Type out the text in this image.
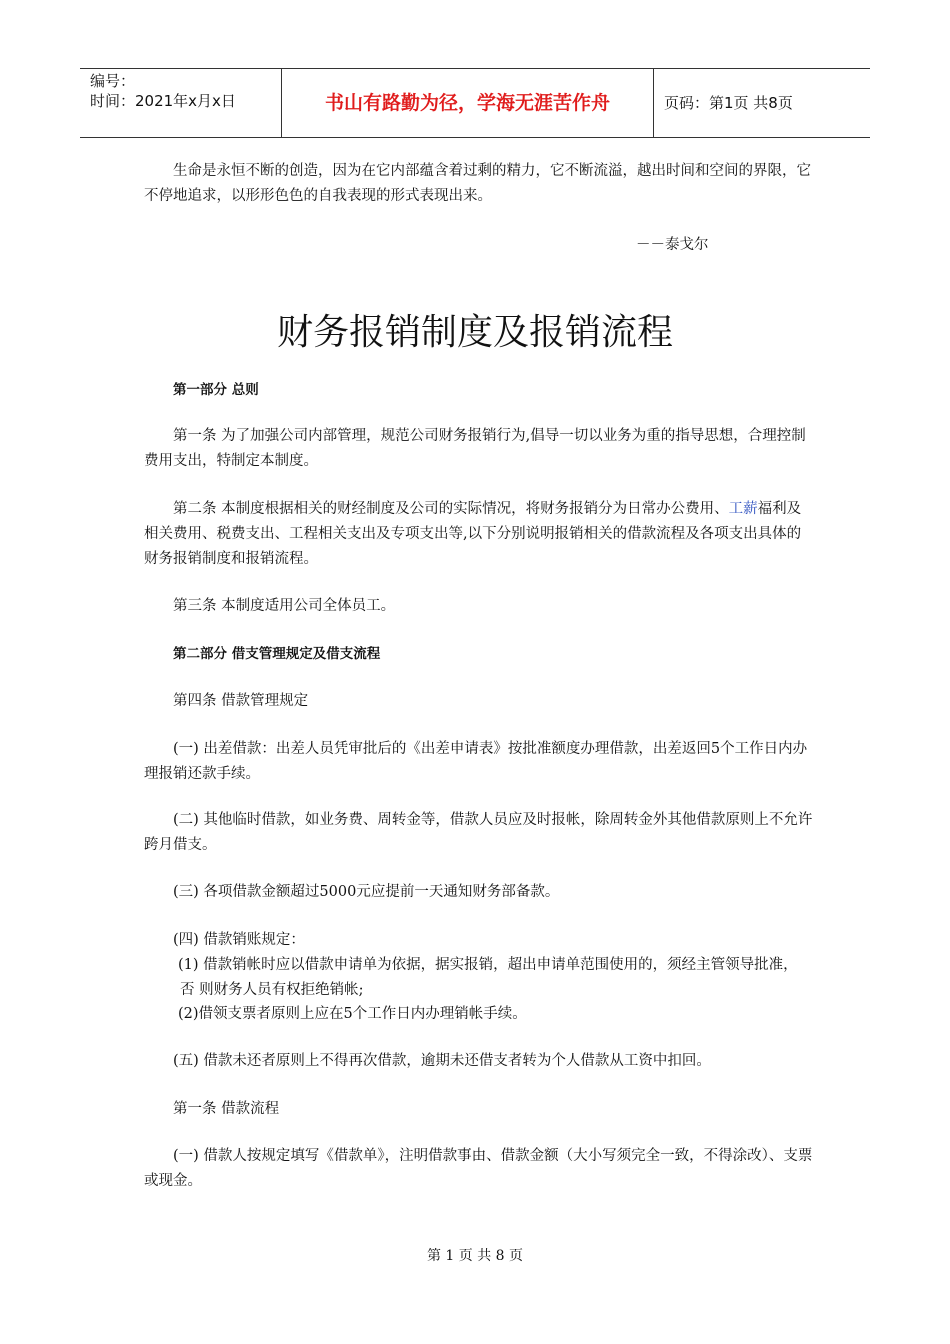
编号：
时间：2021年x月x日	书山有路勤为径，学海无涯苦作舟	页码：第1页 共8页

生命是永恒不断的创造，因为在它内部蕴含着过剩的精力，它不断流溢，越出时间和空间的界限，它不停地追求，以形形色色的自我表现的形式表现出来。

－－泰戈尔
财务报销制度及报销流程

第一部分 总则

第一条 为了加强公司内部管理，规范公司财务报销行为,倡导一切以业务为重的指导思想，合理控制费用支出，特制定本制度。

第二条 本制度根据相关的财经制度及公司的实际情况，将财务报销分为日常办公费用、工薪福利及相关费用、税费支出、工程相关支出及专项支出等,以下分别说明报销相关的借款流程及各项支出具体的财务报销制度和报销流程。

第三条 本制度适用公司全体员工。

第二部分 借支管理规定及借支流程

第四条 借款管理规定

(一) 出差借款：出差人员凭审批后的《出差申请表》按批准额度办理借款，出差返回5个工作日内办理报销还款手续。

(二) 其他临时借款，如业务费、周转金等，借款人员应及时报帐，除周转金外其他借款原则上不允许跨月借支。

(三) 各项借款金额超过5000元应提前一天通知财务部备款。

(四) 借款销账规定：

(1) 借款销帐时应以借款申请单为依据，据实报销，超出申请单范围使用的，须经主管领导批准，

否 则财务人员有权拒绝销帐;

(2)借领支票者原则上应在5个工作日内办理销帐手续。

(五) 借款未还者原则上不得再次借款，逾期未还借支者转为个人借款从工资中扣回。

第一条 借款流程

(一) 借款人按规定填写《借款单》，注明借款事由、借款金额（大小写须完全一致，不得涂改）、支票或现金。

第 1 页 共 8 页
